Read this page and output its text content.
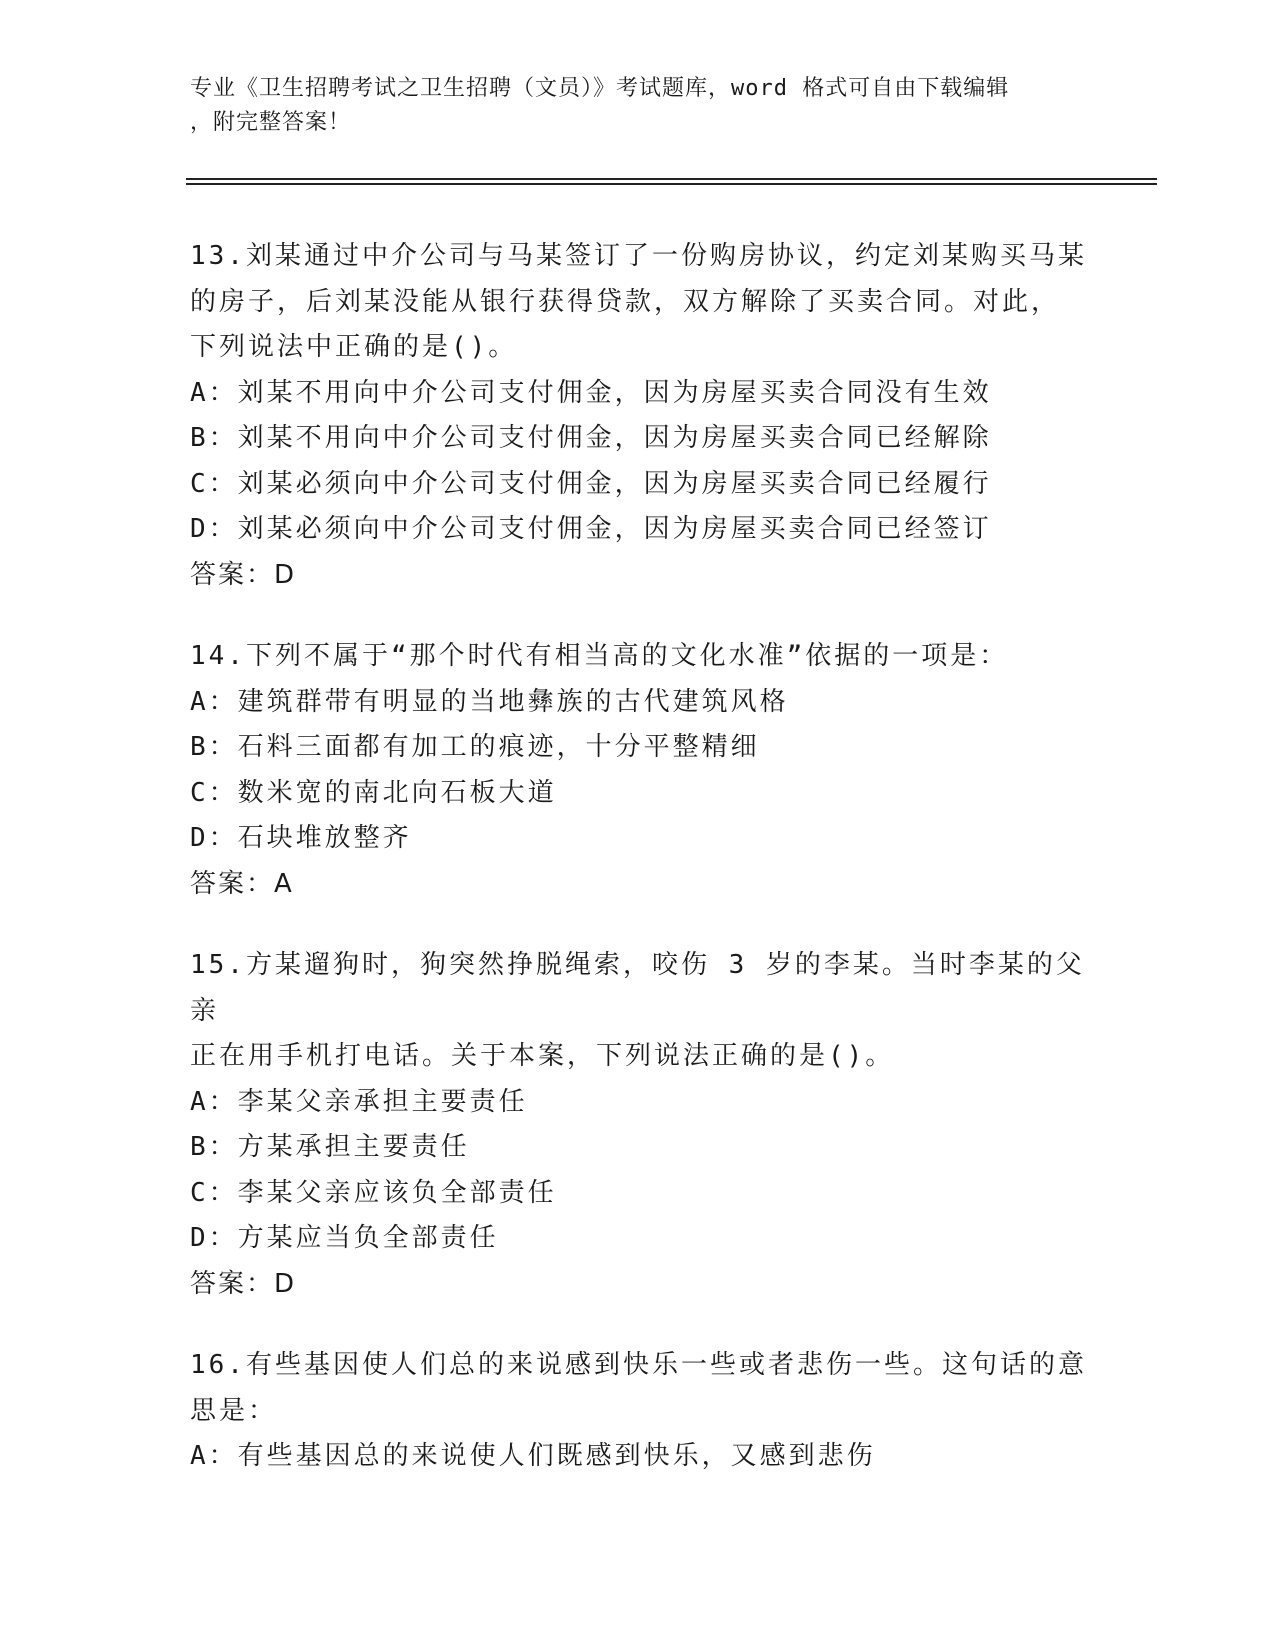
专业《卫生招聘考试之卫生招聘（文员）》考试题库，word 格式可自由下载编辑
，附完整答案！
13.刘某通过中介公司与马某签订了一份购房协议，约定刘某购买马某
的房子，后刘某没能从银行获得贷款，双方解除了买卖合同。对此，
下列说法中正确的是()。
A：刘某不用向中介公司支付佣金，因为房屋买卖合同没有生效
B：刘某不用向中介公司支付佣金，因为房屋买卖合同已经解除
C：刘某必须向中介公司支付佣金，因为房屋买卖合同已经履行
D：刘某必须向中介公司支付佣金，因为房屋买卖合同已经签订
答案：D
14.下列不属于“那个时代有相当高的文化水准”依据的一项是：
A：建筑群带有明显的当地彝族的古代建筑风格
B：石料三面都有加工的痕迹，十分平整精细
C：数米宽的南北向石板大道
D：石块堆放整齐
答案：A
15.方某遛狗时，狗突然挣脱绳索，咬伤 3 岁的李某。当时李某的父亲
正在用手机打电话。关于本案，下列说法正确的是()。
A：李某父亲承担主要责任
B：方某承担主要责任
C：李某父亲应该负全部责任
D：方某应当负全部责任
答案：D
16.有些基因使人们总的来说感到快乐一些或者悲伤一些。这句话的意
思是：
A：有些基因总的来说使人们既感到快乐，又感到悲伤
